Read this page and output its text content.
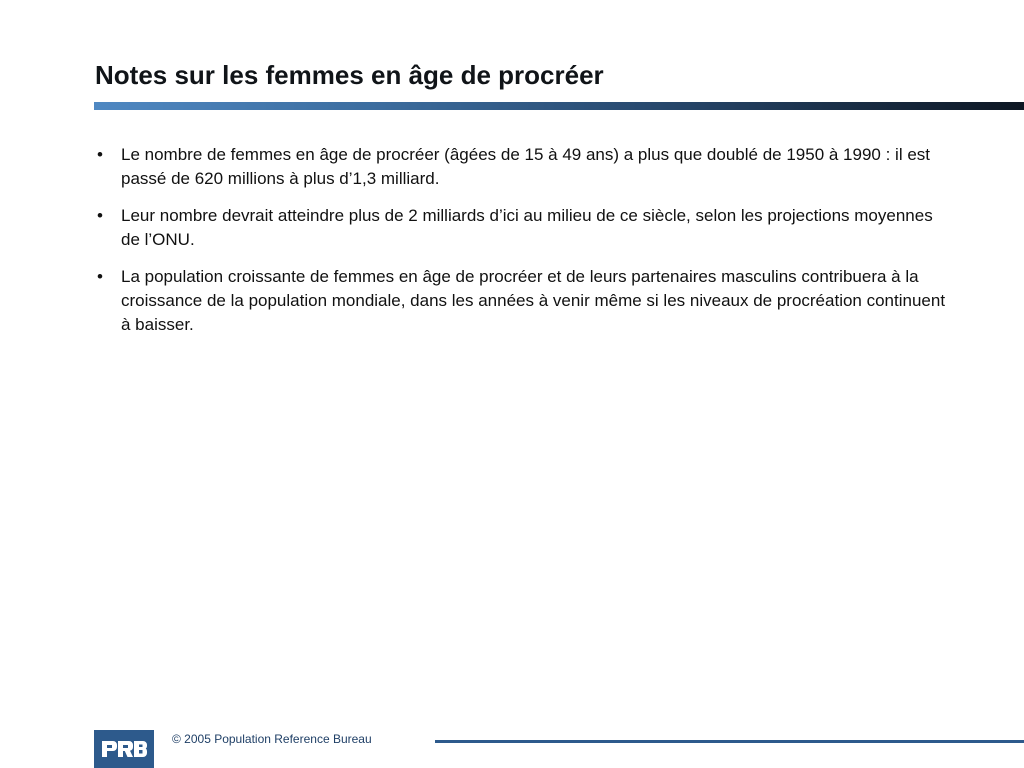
Notes sur les femmes en âge de procréer
• Le nombre de femmes en âge de procréer (âgées de 15 à 49 ans) a plus que doublé de 1950 à 1990 : il est passé de 620 millions à plus d’1,3 milliard.
• Leur nombre devrait atteindre plus de 2 milliards d’ici au milieu de ce siècle, selon les projections moyennes de l’ONU.
• La population croissante de femmes en âge de procréer et de leurs partenaires masculins contribuera à la croissance de la population mondiale, dans les années à venir même si les niveaux de procréation continuent à baisser.
© 2005 Population Reference Bureau
